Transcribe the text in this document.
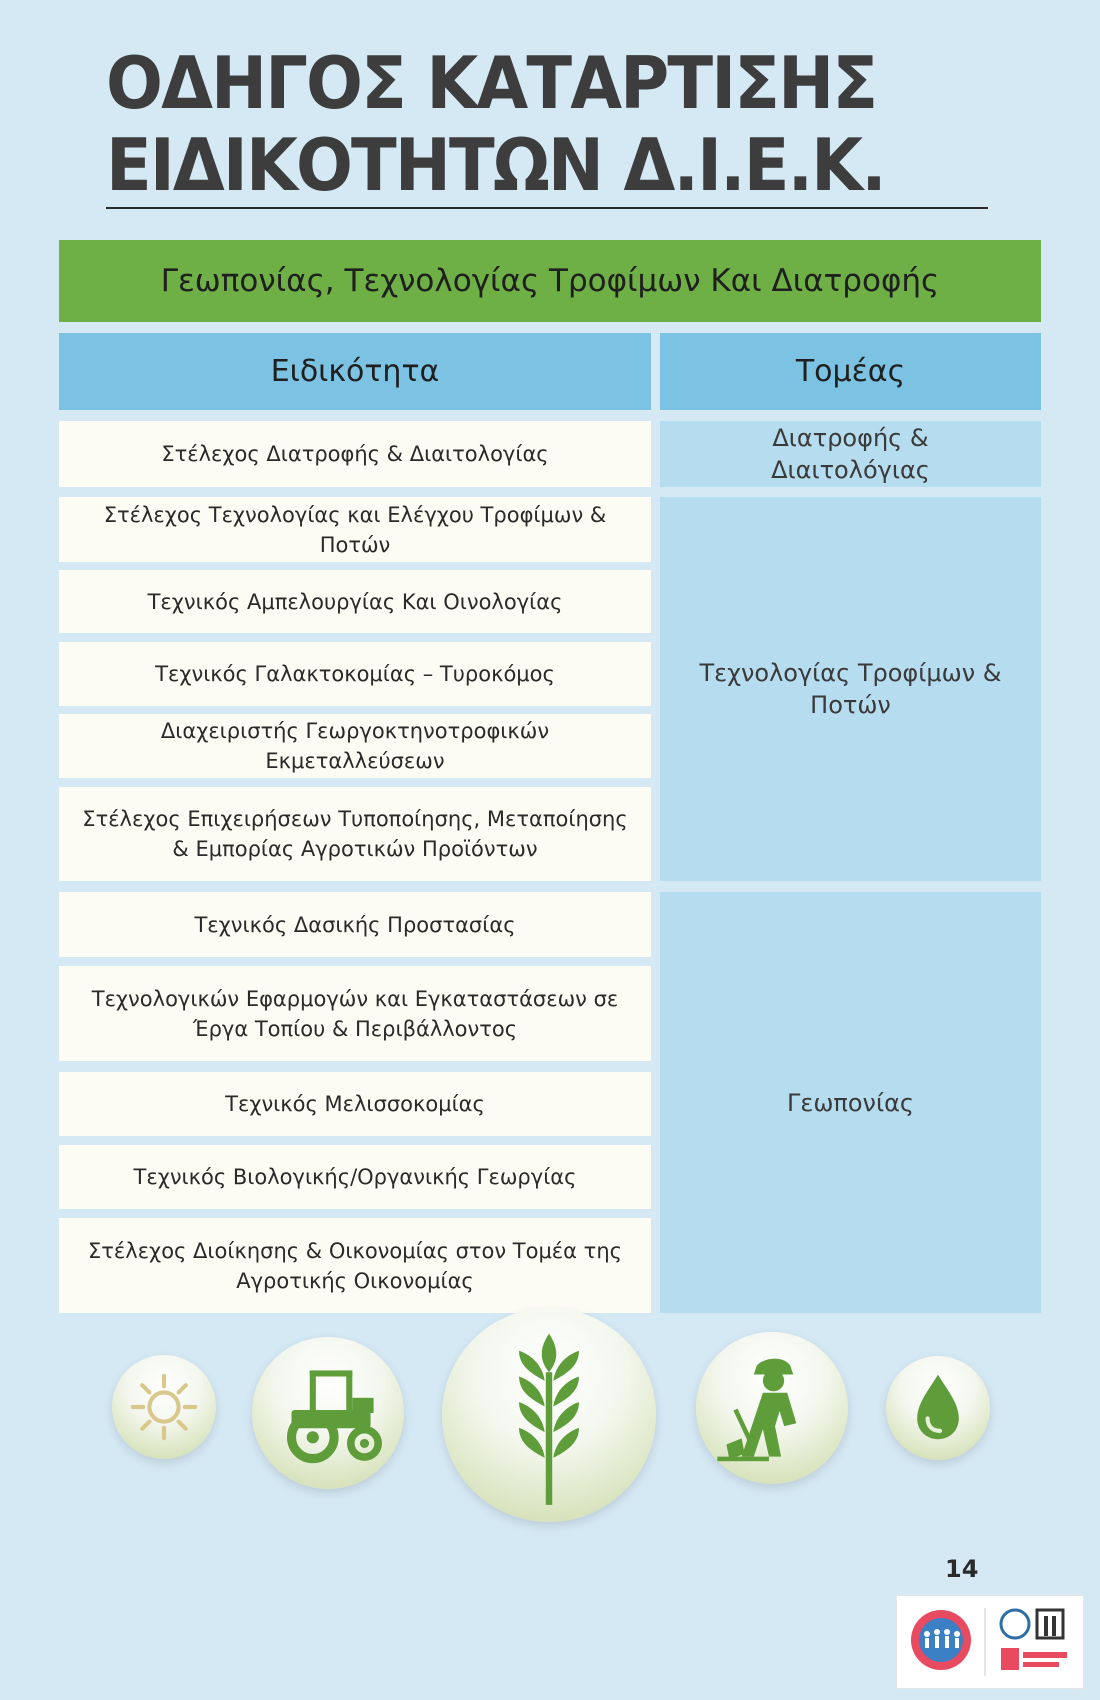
ΟΔΗΓΟΣ ΚΑΤΑΡΤΙΣΗΣ
ΕΙΔΙΚΟΤΗΤΩΝ Δ.Ι.Ε.Κ.
Γεωπονίας, Τεχνολογίας Τροφίμων Και Διατροφής
Ειδικότητα	Τομέας
Στέλεχος Διατροφής & Διαιτολογίας
Στέλεχος Τεχνολογίας και Ελέγχου Τροφίμων & Ποτών
Τεχνικός Αμπελουργίας Και Οινολογίας
Τεχνικός Γαλακτοκομίας – Τυροκόμος
Διαχειριστής Γεωργοκτηνοτροφικών Εκμεταλλεύσεων
Στέλεχος Επιχειρήσεων Τυποποίησης, Μεταποίησης & Εμπορίας Αγροτικών Προϊόντων
Τεχνικός Δασικής Προστασίας
Τεχνολογικών Εφαρμογών και Εγκαταστάσεων σε Έργα Τοπίου & Περιβάλλοντος
Τεχνικός Μελισσοκομίας
Τεχνικός Βιολογικής/Οργανικής Γεωργίας
Στέλεχος Διοίκησης & Οικονομίας στον Τομέα της Αγροτικής Οικονομίας
Διατροφής & Διαιτολόγιας
Τεχνολογίας Τροφίμων & Ποτών
Γεωπονίας
14
